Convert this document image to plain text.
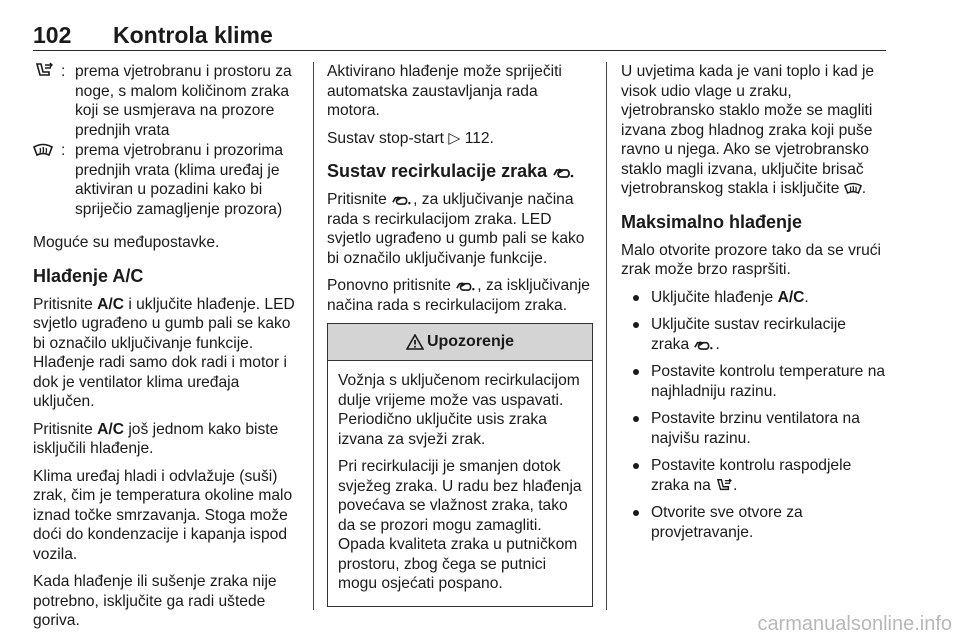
102 Kontrola klime
: prema vjetrobranu i prostoru za noge, s malom količinom zraka koji se usmjerava na prozore prednjih vrata
: prema vjetrobranu i prozorima prednjih vrata (klima uređaj je aktiviran u pozadini kako bi spriječio zamagljenje prozora)

Moguće su međupostavke.

Hlađenje A/C

Pritisnite A/C i uključite hlađenje. LED svjetlo ugrađeno u gumb pali se kako bi označilo uključivanje funkcije. Hlađenje radi samo dok radi i motor i dok je ventilator klima uređaja uključen.

Pritisnite A/C još jednom kako biste isključili hlađenje.

Klima uređaj hladi i odvlažuje (suši) zrak, čim je temperatura okoline malo iznad točke smrzavanja. Stoga može doći do kondenzacije i kapanja ispod vozila.

Kada hlađenje ili sušenje zraka nije potrebno, isključite ga radi uštede goriva.

Aktivirano hlađenje može spriječiti automatska zaustavljanja rada motora.

Sustav stop-start ▷ 112.

Sustav recirkulacije zraka

Pritisnite , za uključivanje načina rada s recirkulacijom zraka. LED svjetlo ugrađeno u gumb pali se kako bi označilo uključivanje funkcije.

Ponovno pritisnite , za isključivanje načina rada s recirkulacijom zraka.

Upozorenje

Vožnja s uključenom recirkulacijom dulje vrijeme može vas uspavati. Periodično uključite usis zraka izvana za svježi zrak.

Pri recirkulaciji je smanjen dotok svježeg zraka. U radu bez hlađenja povećava se vlažnost zraka, tako da se prozori mogu zamagliti. Opada kvaliteta zraka u putničkom prostoru, zbog čega se putnici mogu osjećati pospano.

U uvjetima kada je vani toplo i kad je visok udio vlage u zraku, vjetrobransko staklo može se magliti izvana zbog hladnog zraka koji puše ravno u njega. Ako se vjetrobransko staklo magli izvana, uključite brisač vjetrobranskog stakla i isključite .

Maksimalno hlađenje

Malo otvorite prozore tako da se vrući zrak može brzo raspršiti.

Uključite hlađenje A/C.
Uključite sustav recirkulacije zraka .
Postavite kontrolu temperature na najhladniju razinu.
Postavite brzinu ventilatora na najvišu razinu.
Postavite kontrolu raspodjele zraka na .
Otvorite sve otvore za provjetravanje.
carmanualsonline.info
